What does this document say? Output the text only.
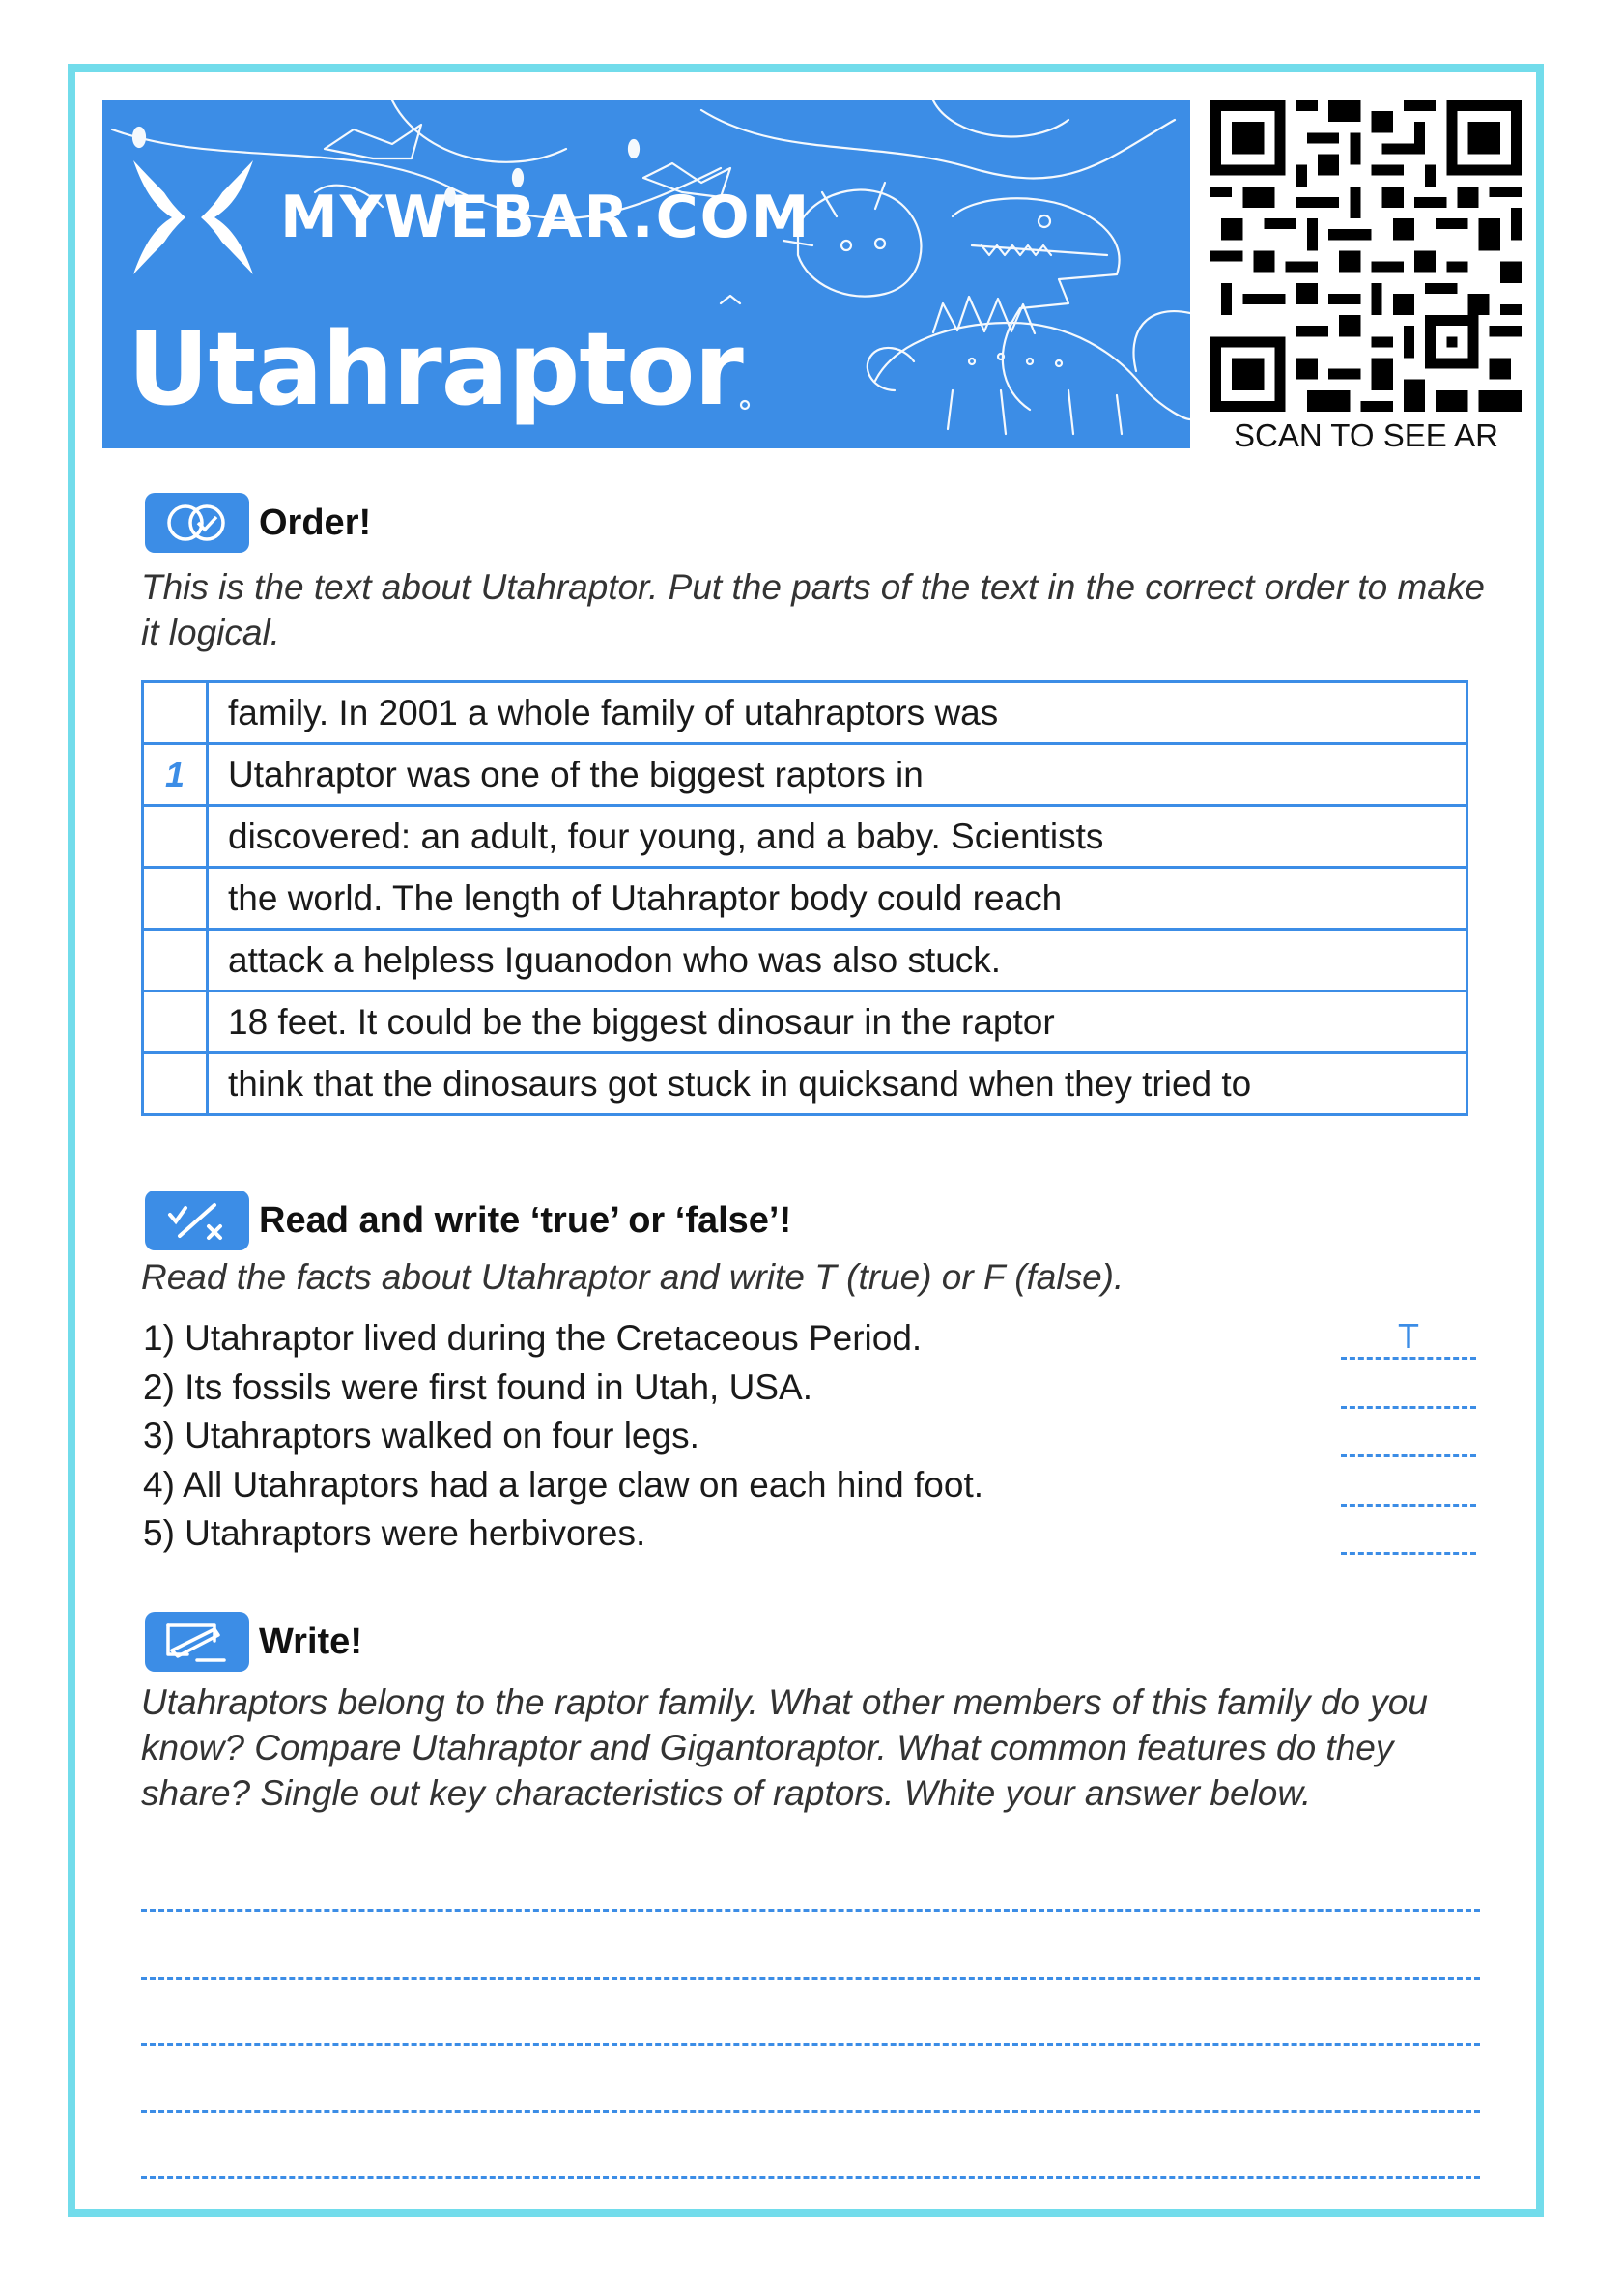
MYWEBAR.COM
Utahraptor
SCAN TO SEE AR
Order!
This is the text about Utahraptor. Put the parts of the text in the correct order to make it logical.
	family. In 2001 a whole family of utahraptors was
1	Utahraptor was one of the biggest raptors in
	discovered: an adult, four young, and a baby. Scientists
	the world. The length of Utahraptor body could reach
	attack a helpless Iguanodon who was also stuck.
	18 feet. It could be the biggest dinosaur in the raptor
	think that the dinosaurs got stuck in quicksand when they tried to
Read and write ‘true’ or ‘false’!
Read the facts about Utahraptor and write T (true) or F (false).
1) Utahraptor lived during the Cretaceous Period.	T
2) Its fossils were first found in Utah, USA.
3) Utahraptors walked on four legs.
4) All Utahraptors had a large claw on each hind foot.
5) Utahraptors were herbivores.
Write!
Utahraptors belong to the raptor family. What other members of this family do you know? Compare Utahraptor and Gigantoraptor. What common features do they share? Single out key characteristics of raptors. White your answer below.
